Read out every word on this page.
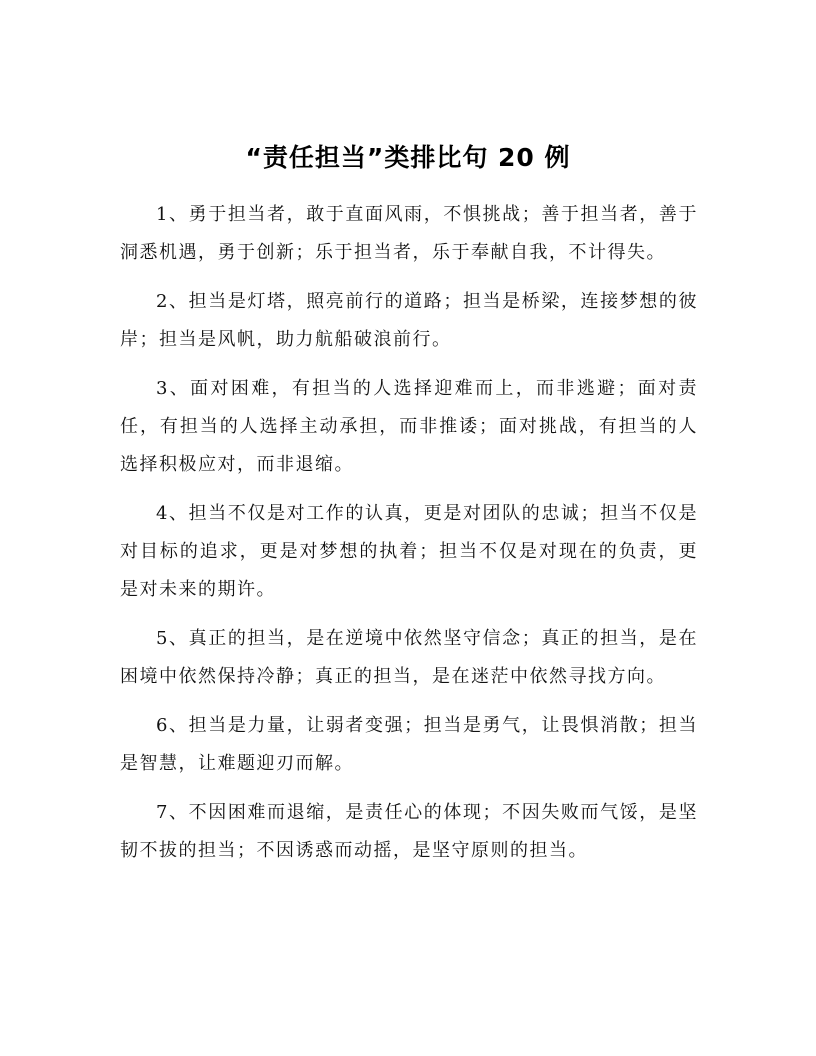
“责任担当”类排比句 20 例

1、勇于担当者，敢于直面风雨，不惧挑战；善于担当者，善于洞悉机遇，勇于创新；乐于担当者，乐于奉献自我，不计得失。

2、担当是灯塔，照亮前行的道路；担当是桥梁，连接梦想的彼岸；担当是风帆，助力航船破浪前行。

3、面对困难，有担当的人选择迎难而上，而非逃避；面对责任，有担当的人选择主动承担，而非推诿；面对挑战，有担当的人选择积极应对，而非退缩。

4、担当不仅是对工作的认真，更是对团队的忠诚；担当不仅是对目标的追求，更是对梦想的执着；担当不仅是对现在的负责，更是对未来的期许。

5、真正的担当，是在逆境中依然坚守信念；真正的担当，是在困境中依然保持冷静；真正的担当，是在迷茫中依然寻找方向。

6、担当是力量，让弱者变强；担当是勇气，让畏惧消散；担当是智慧，让难题迎刃而解。

7、不因困难而退缩，是责任心的体现；不因失败而气馁，是坚韧不拔的担当；不因诱惑而动摇，是坚守原则的担当。
